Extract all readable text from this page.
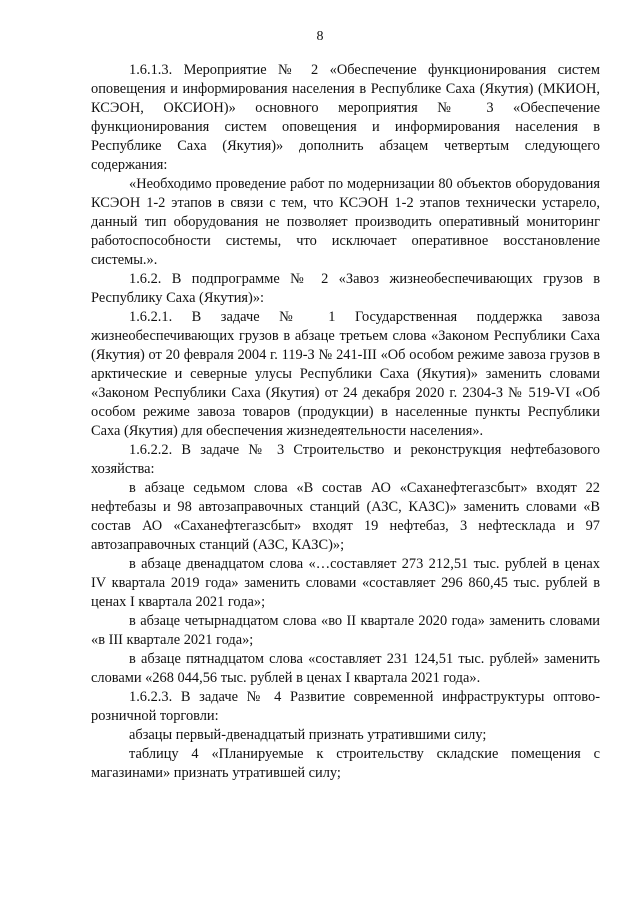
8

1.6.1.3. Мероприятие № 2 «Обеспечение функционирования систем оповещения и информирования населения в Республике Саха (Якутия) (МКИОН, КСЭОН, ОКСИОН)» основного мероприятия № 3 «Обеспечение функционирования систем оповещения и информирования населения в Республике Саха (Якутия)» дополнить абзацем четвертым следующего содержания:

«Необходимо проведение работ по модернизации 80 объектов оборудования КСЭОН 1-2 этапов в связи с тем, что КСЭОН 1-2 этапов технически устарело, данный тип оборудования не позволяет производить оперативный мониторинг работоспособности системы, что исключает оперативное восстановление системы.».

1.6.2. В подпрограмме № 2 «Завоз жизнеобеспечивающих грузов в Республику Саха (Якутия)»:

1.6.2.1. В задаче № 1 Государственная поддержка завоза жизнеобеспечивающих грузов в абзаце третьем слова «Законом Республики Саха (Якутия) от 20 февраля 2004 г. 119-З № 241-III «Об особом режиме завоза грузов в арктические и северные улусы Республики Саха (Якутия)» заменить словами «Законом Республики Саха (Якутия) от 24 декабря 2020 г. 2304-З № 519-VI «Об особом режиме завоза товаров (продукции) в населенные пункты Республики Саха (Якутия) для обеспечения жизнедеятельности населения».

1.6.2.2. В задаче № 3 Строительство и реконструкция нефтебазового хозяйства:

в абзаце седьмом слова «В состав АО «Саханефтегазсбыт» входят 22 нефтебазы и 98 автозаправочных станций (АЗС, КАЗС)» заменить словами «В состав АО «Саханефтегазсбыт» входят 19 нефтебаз, 3 нефтесклада и 97 автозаправочных станций (АЗС, КАЗС)»;

в абзаце двенадцатом слова «…составляет 273 212,51 тыс. рублей в ценах IV квартала 2019 года» заменить словами «составляет 296 860,45 тыс. рублей в ценах I квартала 2021 года»;

в абзаце четырнадцатом слова «во II квартале 2020 года» заменить словами «в III квартале 2021 года»;

в абзаце пятнадцатом слова «составляет 231 124,51 тыс. рублей» заменить словами «268 044,56 тыс. рублей в ценах I квартала 2021 года».

1.6.2.3. В задаче № 4 Развитие современной инфраструктуры оптово-розничной торговли:

абзацы первый-двенадцатый признать утратившими силу;

таблицу 4 «Планируемые к строительству складские помещения с магазинами» признать утратившей силу;
